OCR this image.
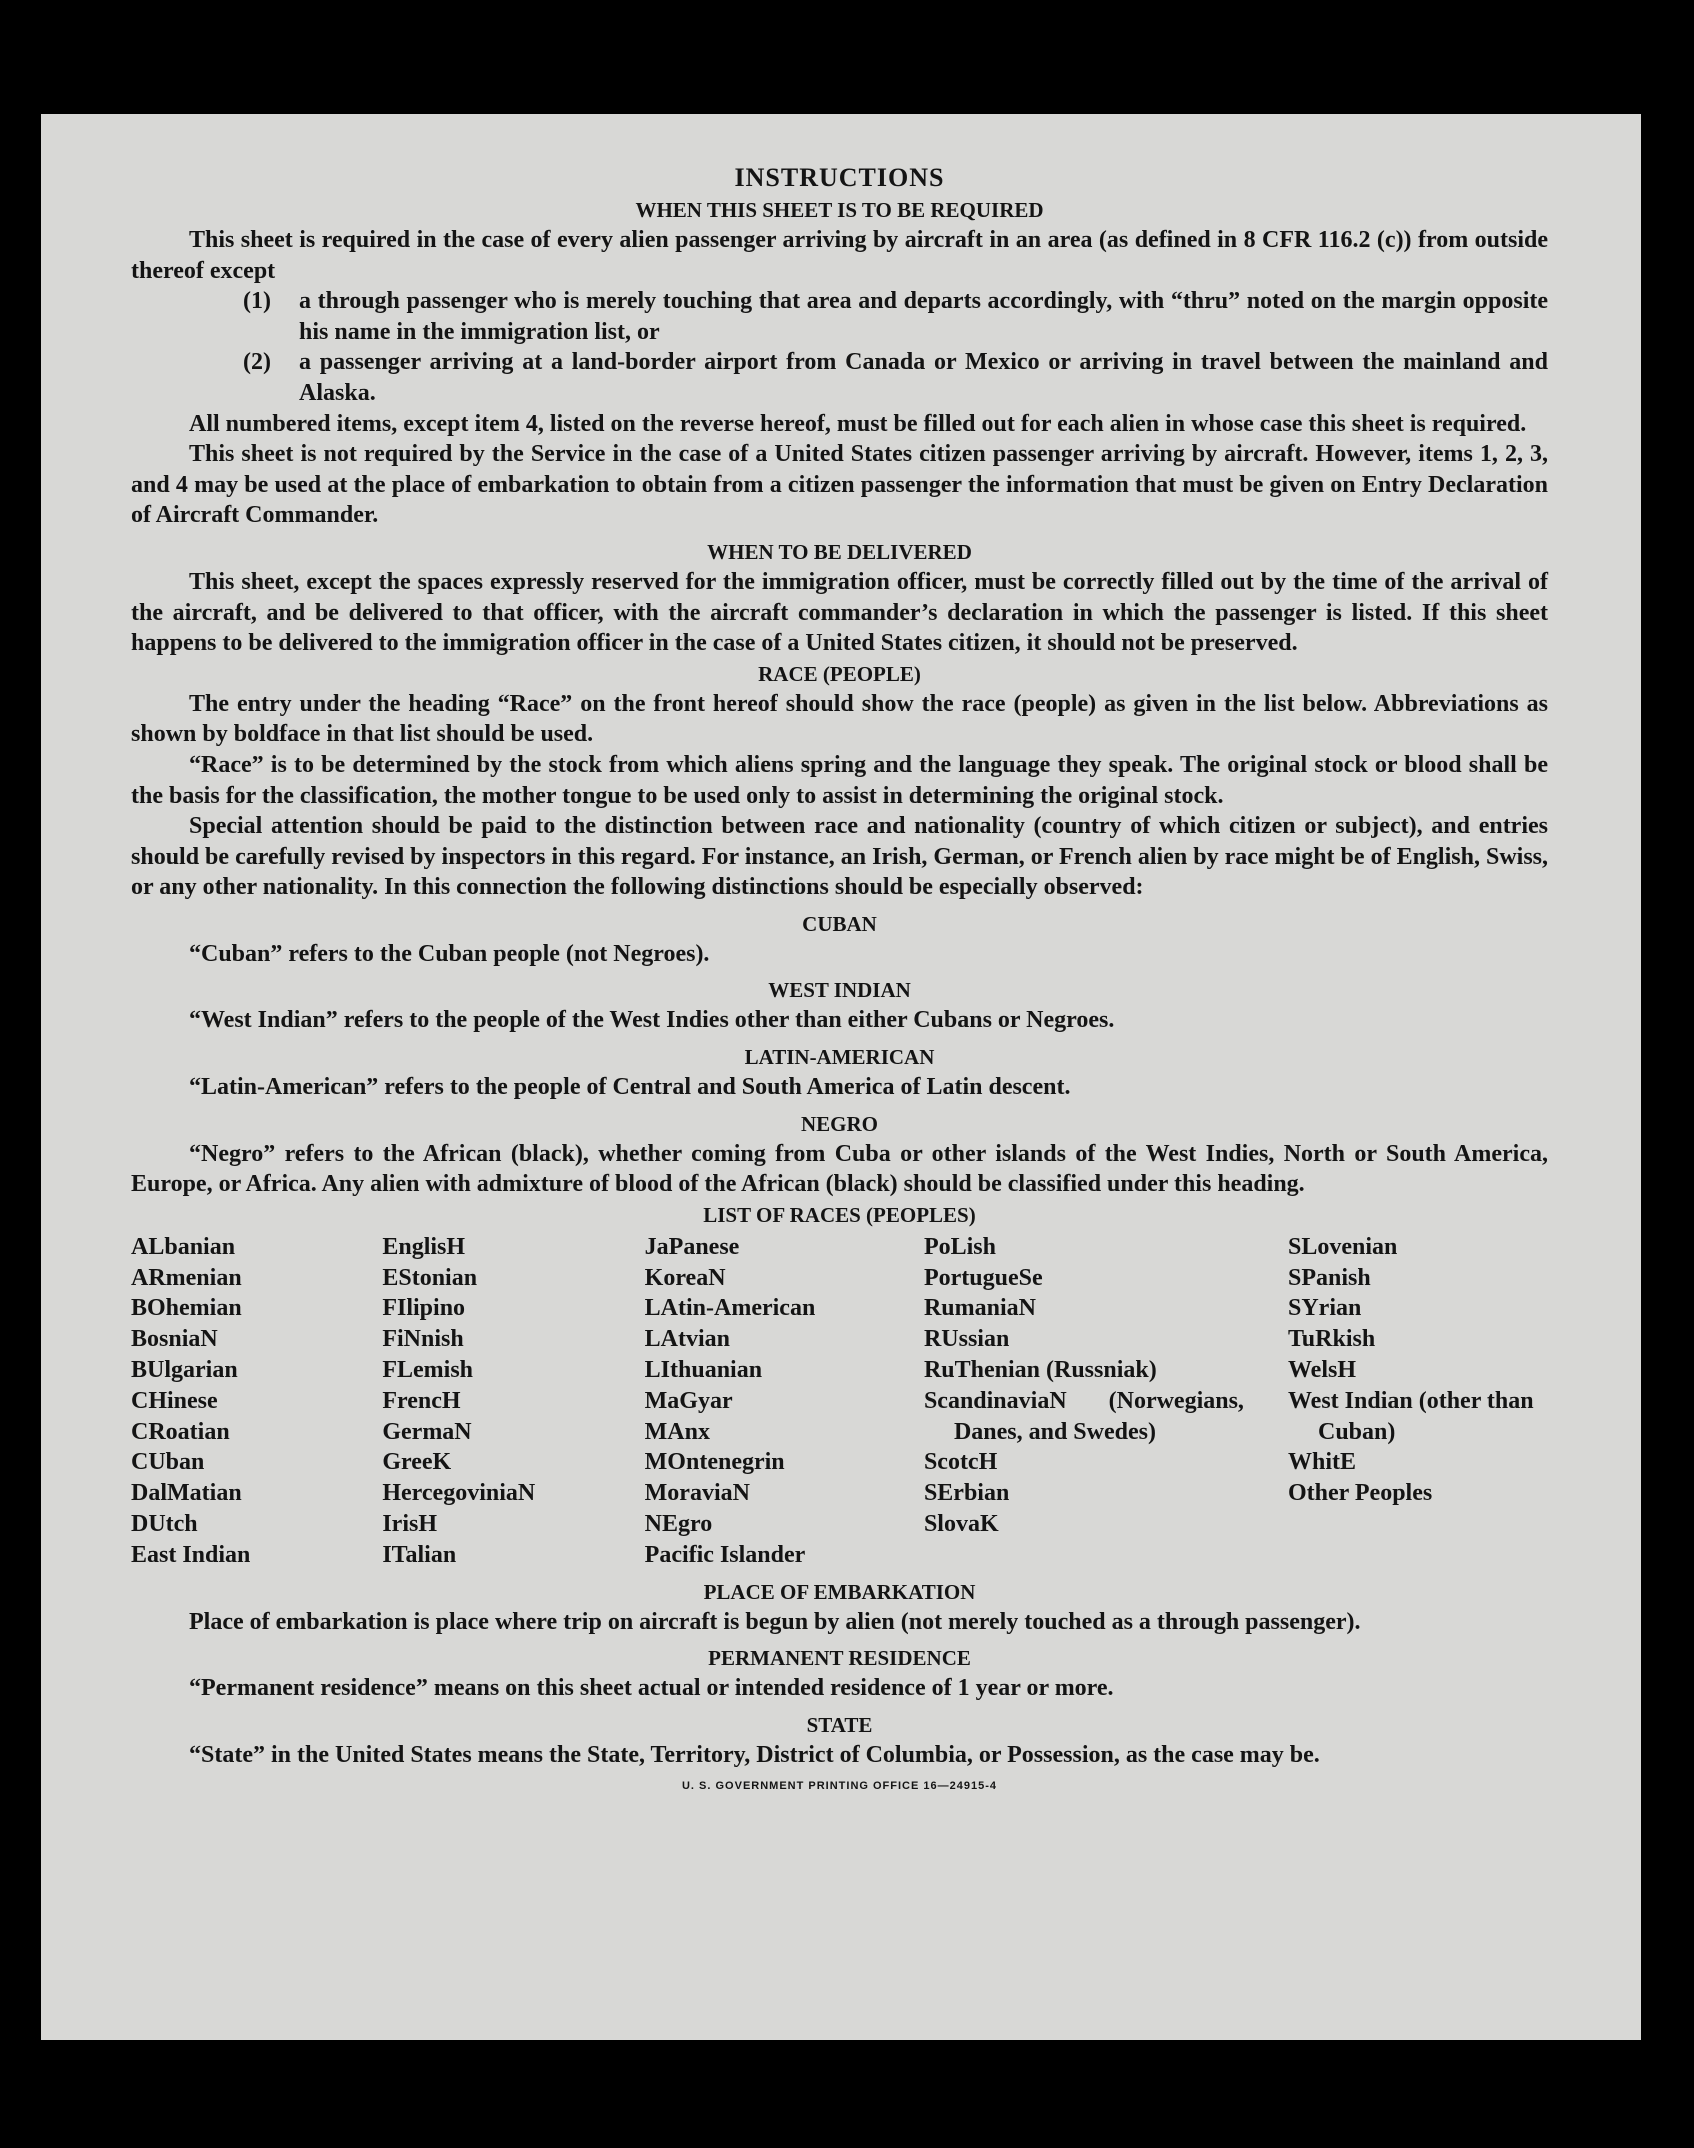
INSTRUCTIONS
WHEN THIS SHEET IS TO BE REQUIRED

This sheet is required in the case of every alien passenger arriving by aircraft in an area (as defined in 8 CFR 116.2 (c)) from outside thereof except

(1)	a through passenger who is merely touching that area and departs accordingly, with “thru” noted on the margin opposite his name in the immigration list, or
(2)	a passenger arriving at a land-border airport from Canada or Mexico or arriving in travel between the mainland and Alaska.

All numbered items, except item 4, listed on the reverse hereof, must be filled out for each alien in whose case this sheet is required.

This sheet is not required by the Service in the case of a United States citizen passenger arriving by aircraft. However, items 1, 2, 3, and 4 may be used at the place of embarkation to obtain from a citizen passenger the information that must be given on Entry Declaration of Aircraft Commander.

WHEN TO BE DELIVERED

This sheet, except the spaces expressly reserved for the immigration officer, must be correctly filled out by the time of the arrival of the aircraft, and be delivered to that officer, with the aircraft commander’s declaration in which the passenger is listed. If this sheet happens to be delivered to the immigration officer in the case of a United States citizen, it should not be preserved.

RACE (PEOPLE)

The entry under the heading “Race” on the front hereof should show the race (people) as given in the list below. Abbreviations as shown by boldface in that list should be used.

“Race” is to be determined by the stock from which aliens spring and the language they speak. The original stock or blood shall be the basis for the classification, the mother tongue to be used only to assist in determining the original stock.

Special attention should be paid to the distinction between race and nationality (country of which citizen or subject), and entries should be carefully revised by inspectors in this regard. For instance, an Irish, German, or French alien by race might be of English, Swiss, or any other nationality. In this connection the following distinctions should be especially observed:

CUBAN

“Cuban” refers to the Cuban people (not Negroes).

WEST INDIAN

“West Indian” refers to the people of the West Indies other than either Cubans or Negroes.

LATIN-AMERICAN

“Latin-American” refers to the people of Central and South America of Latin descent.

NEGRO

“Negro” refers to the African (black), whether coming from Cuba or other islands of the West Indies, North or South America, Europe, or Africa. Any alien with admixture of blood of the African (black) should be classified under this heading.

LIST OF RACES (PEOPLES)
ALbanian
ARmenian
BOhemian
BosniaN
BUlgarian
CHinese
CRoatian
CUban
DalMatian
DUtch
East Indian
EnglisH
EStonian
FIlipino
FiNnish
FLemish
FrencH
GermaN
GreeK
HercegoviniaN
IrisH
ITalian
JaPanese
KoreaN
LAtin-American
LAtvian
LIthuanian
MaGyar
MAnx
MOntenegrin
MoraviaN
NEgro
Pacific Islander
PoLish
PortugueSe
RumaniaN
RUssian
RuThenian (Russniak)
ScandinaviaN (Norwegians, Danes, and Swedes)
ScotcH
SErbian
SlovaK
SLovenian
SPanish
SYrian
TuRkish
WelsH
West Indian (other than Cuban)
WhitE
Other Peoples
PLACE OF EMBARKATION

Place of embarkation is place where trip on aircraft is begun by alien (not merely touched as a through passenger).

PERMANENT RESIDENCE

“Permanent residence” means on this sheet actual or intended residence of 1 year or more.

STATE

“State” in the United States means the State, Territory, District of Columbia, or Possession, as the case may be.

U. S. GOVERNMENT PRINTING OFFICE 16—24915-4
